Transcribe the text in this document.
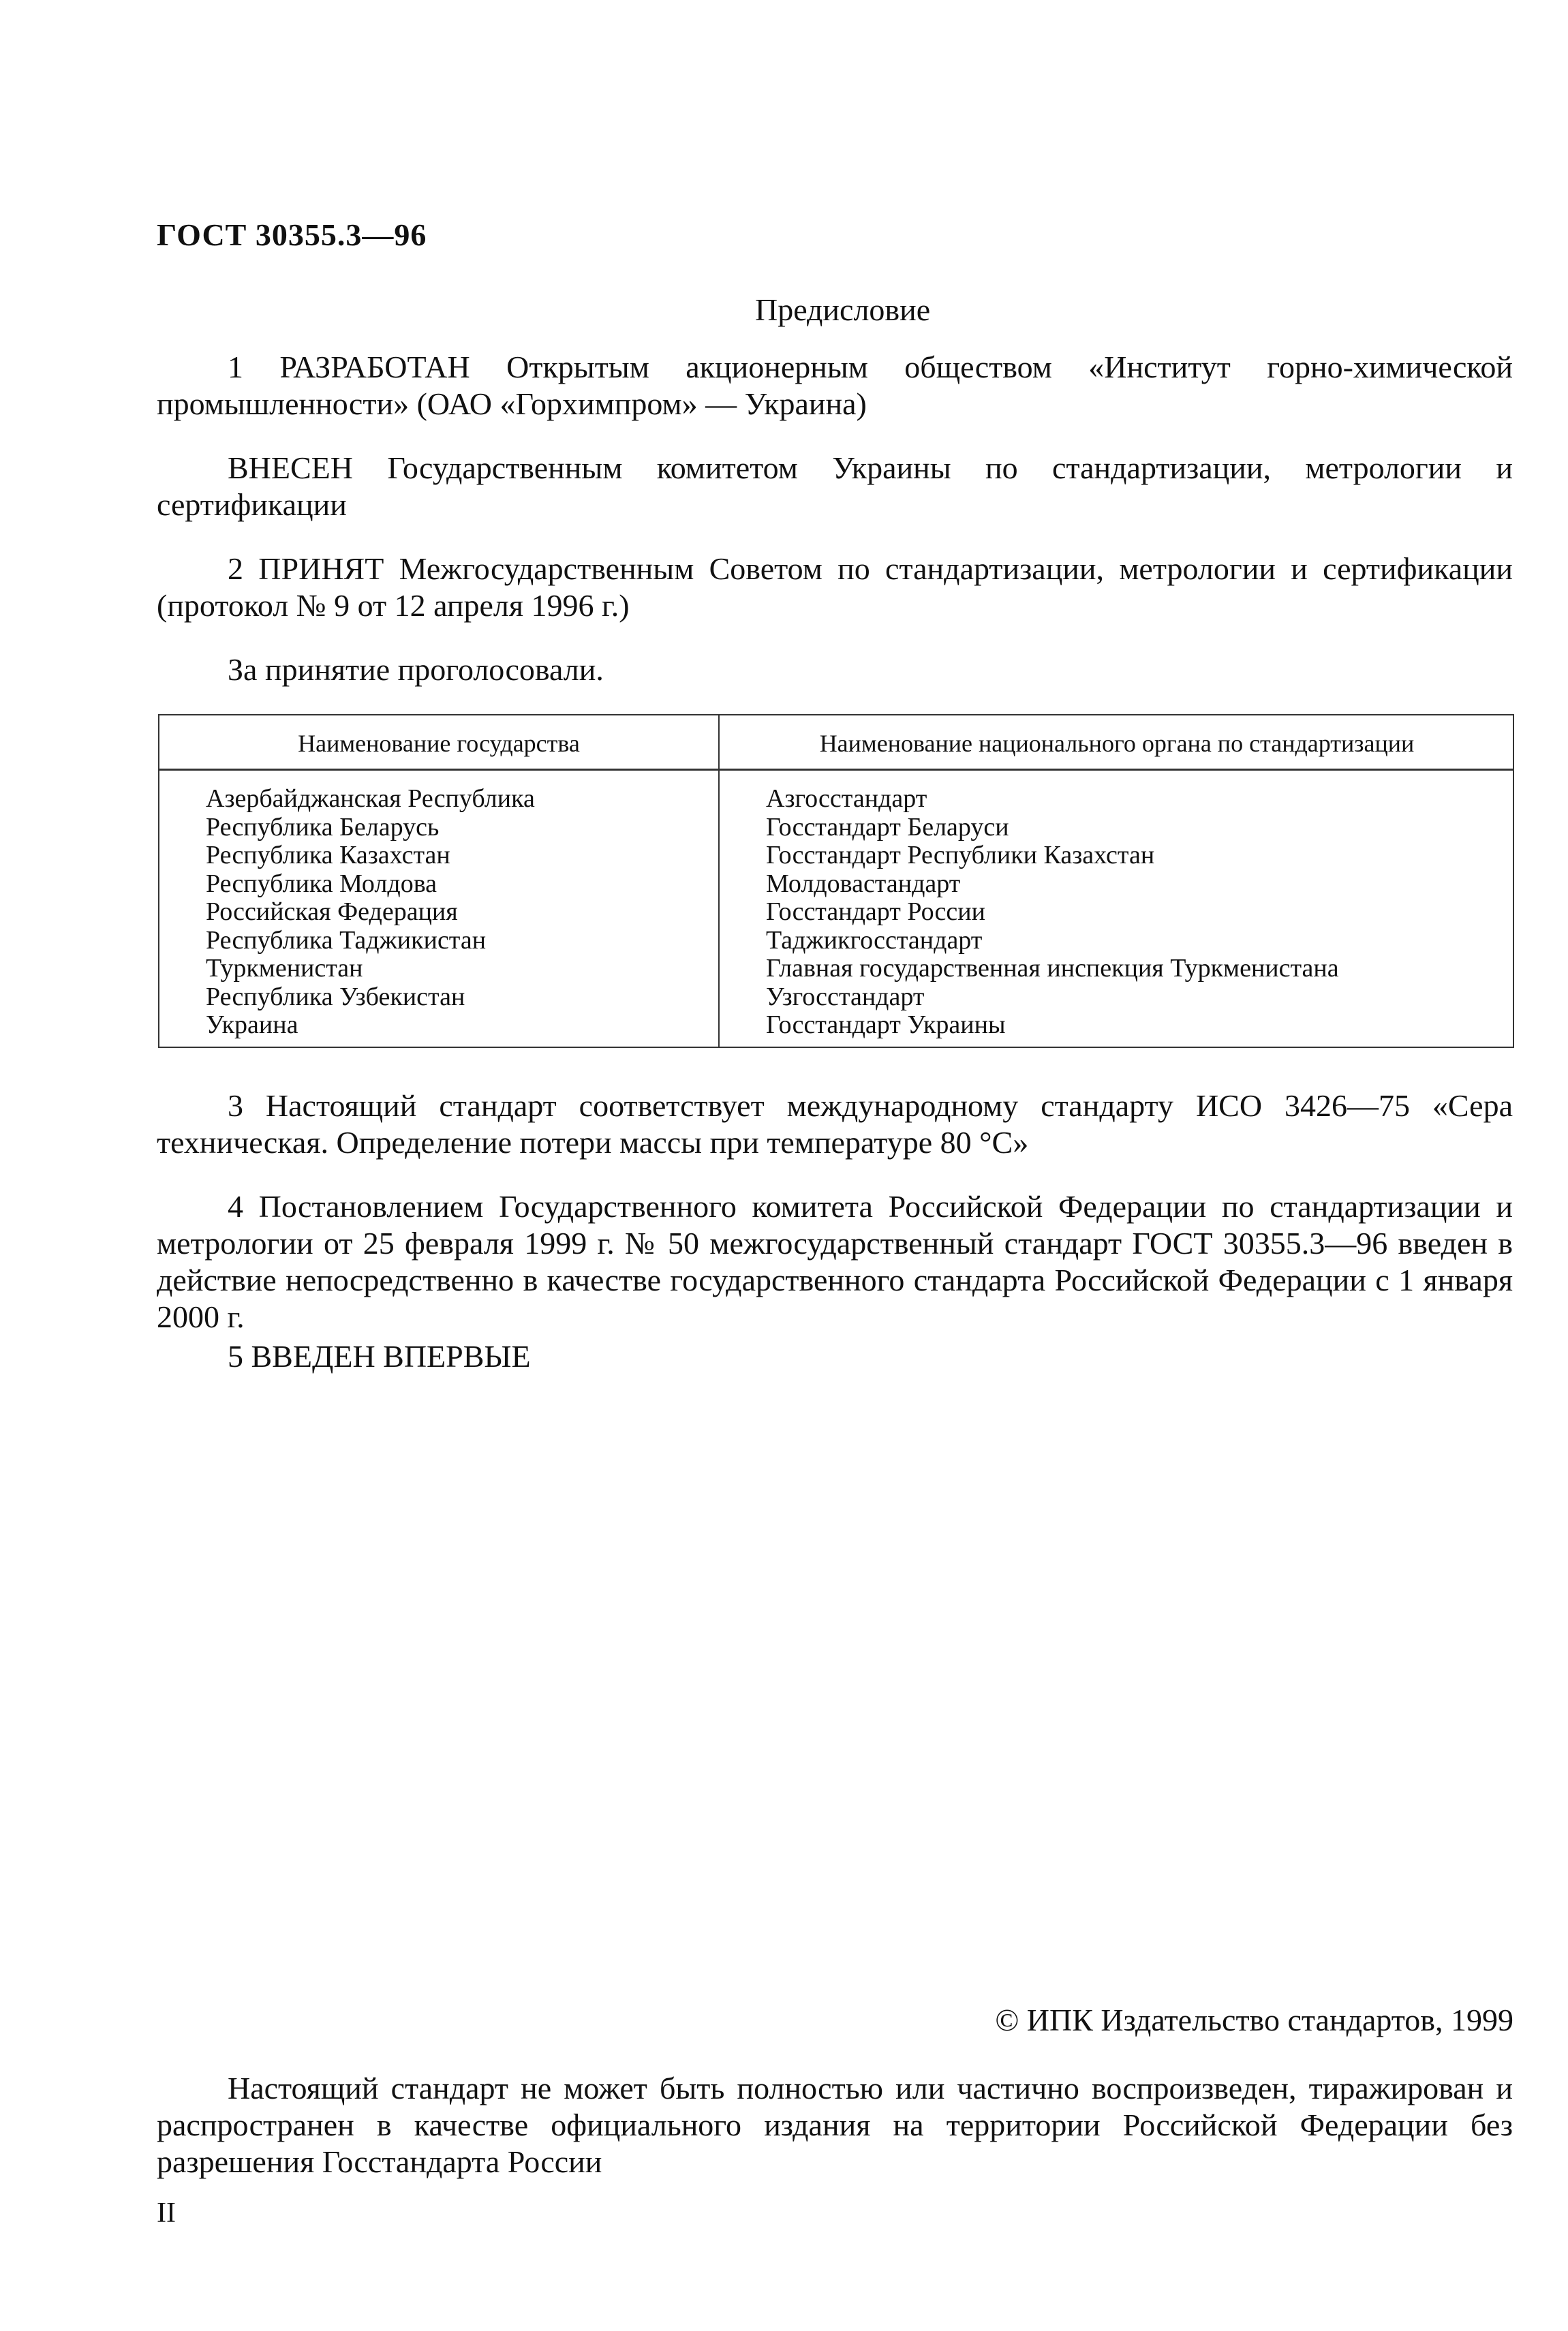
ГОСТ 30355.3—96
Предисловие

1 РАЗРАБОТАН Открытым акционерным обществом «Институт горно-химической промышленности» (ОАО «Горхимпром» — Украина)

ВНЕСЕН Государственным комитетом Украины по стандартизации, метрологии и сертификации

2 ПРИНЯТ Межгосударственным Советом по стандартизации, метрологии и сертификации (протокол № 9 от 12 апреля 1996 г.)

За принятие проголосовали.

Наименование государства	Наименование национального органа по стандартизации
Азербайджанская Республика
Республика Беларусь
Республика Казахстан
Республика Молдова
Российская Федерация
Республика Таджикистан
Туркменистан
Республика Узбекистан
Украина
Азгосстандарт
Госстандарт Беларуси
Госстандарт Республики Казахстан
Молдовастандарт
Госстандарт России
Таджикгосстандарт
Главная государственная инспекция Туркменистана
Узгосстандарт
Госстандарт Украины

3 Настоящий стандарт соответствует международному стандарту ИСО 3426—75 «Сера техническая. Определение потери массы при температуре 80 °С»

4 Постановлением Государственного комитета Российской Федерации по стандартизации и метрологии от 25 февраля 1999 г. № 50 межгосударственный стандарт ГОСТ 30355.3—96 введен в действие непосредственно в качестве государственного стандарта Российской Федерации с 1 января 2000 г.

5 ВВЕДЕН ВПЕРВЫЕ

© ИПК Издательство стандартов, 1999

Настоящий стандарт не может быть полностью или частично воспроизведен, тиражирован и распространен в качестве официального издания на территории Российской Федерации без разрешения Госстандарта России

II
